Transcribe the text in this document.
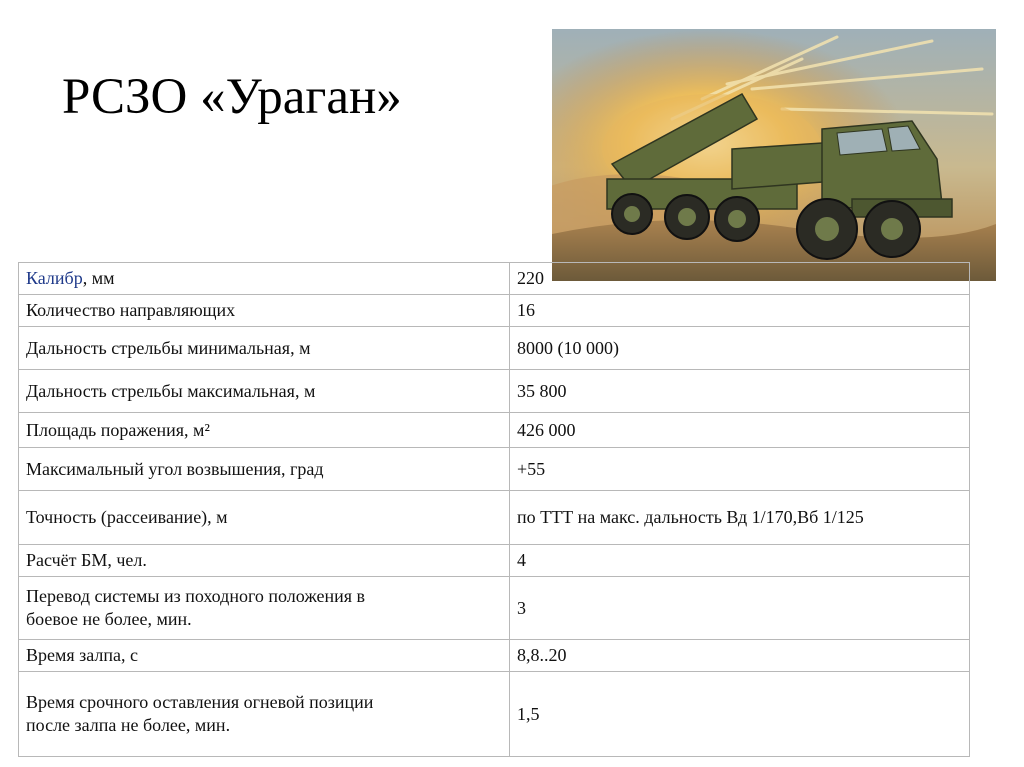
РСЗО «Ураган»
Калибр, мм	220
Количество направляющих	16
Дальность стрельбы минимальная, м	8000 (10 000)
Дальность стрельбы максимальная, м	35 800
Площадь поражения, м²	426 000
Максимальный угол возвышения, град	+55
Точность (рассеивание), м	по ТТТ на макс. дальность Вд 1/170,Вб 1/125
Расчёт БМ, чел.	4
Перевод системы из походного положения в
боевое не более, мин.	3
Время залпа, с	8,8..20
Время срочного оставления огневой позиции
после залпа не более, мин.	1,5
